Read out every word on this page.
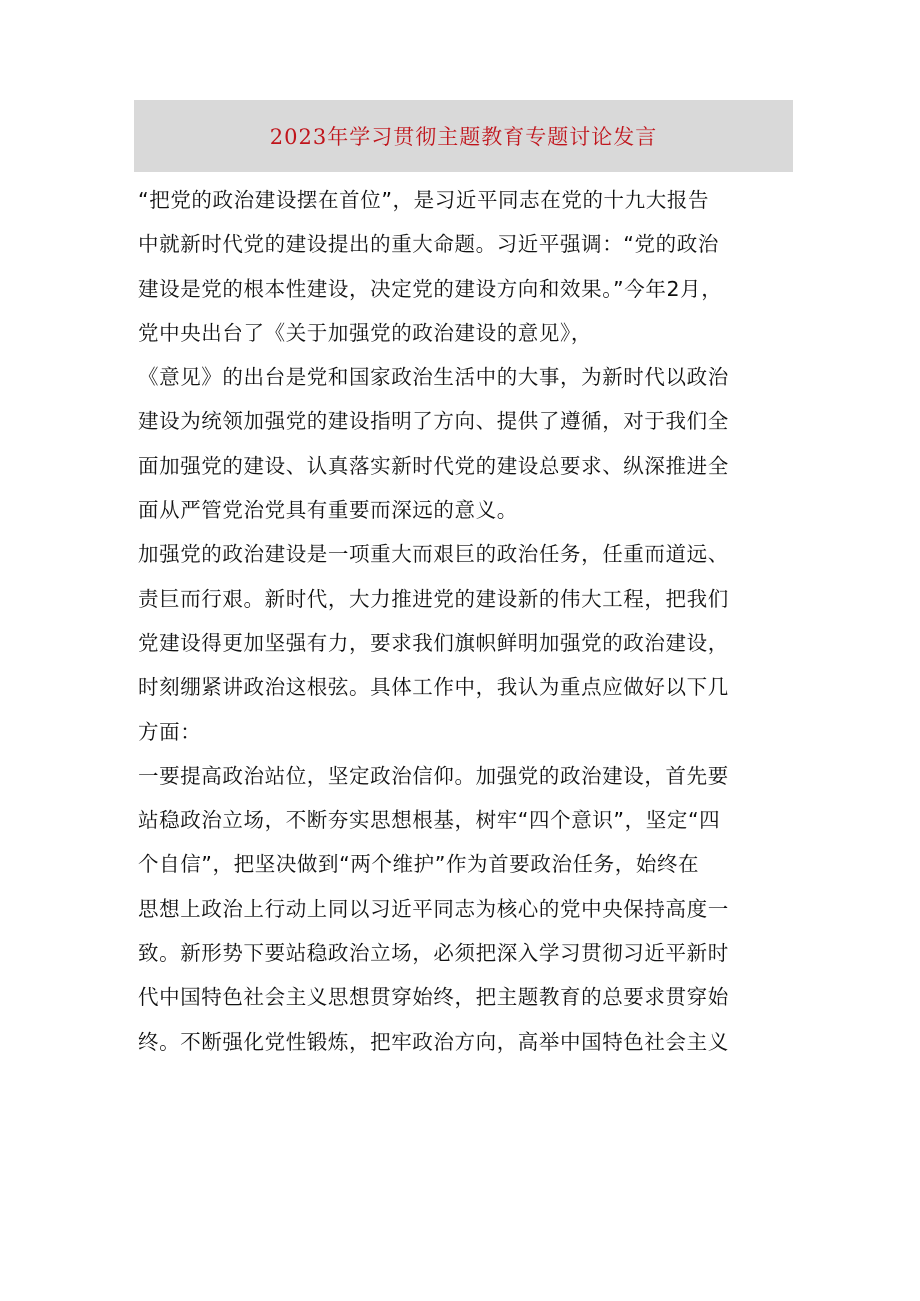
2023年学习贯彻主题教育专题讨论发言
“把党的政治建设摆在首位”，是习近平同志在党的十九大报告
中就新时代党的建设提出的重大命题。习近平强调：“党的政治
建设是党的根本性建设，决定党的建设方向和效果。”今年2月，
党中央出台了《关于加强党的政治建设的意见》，
《意见》的出台是党和国家政治生活中的大事，为新时代以政治
建设为统领加强党的建设指明了方向、提供了遵循，对于我们全
面加强党的建设、认真落实新时代党的建设总要求、纵深推进全
面从严管党治党具有重要而深远的意义。
加强党的政治建设是一项重大而艰巨的政治任务，任重而道远、
责巨而行艰。新时代，大力推进党的建设新的伟大工程，把我们
党建设得更加坚强有力，要求我们旗帜鲜明加强党的政治建设，
时刻绷紧讲政治这根弦。具体工作中，我认为重点应做好以下几
方面：
一要提高政治站位，坚定政治信仰。加强党的政治建设，首先要
站稳政治立场，不断夯实思想根基，树牢“四个意识”，坚定“四
个自信”，把坚决做到“两个维护”作为首要政治任务，始终在
思想上政治上行动上同以习近平同志为核心的党中央保持高度一
致。新形势下要站稳政治立场，必须把深入学习贯彻习近平新时
代中国特色社会主义思想贯穿始终，把主题教育的总要求贯穿始
终。不断强化党性锻炼，把牢政治方向，高举中国特色社会主义
